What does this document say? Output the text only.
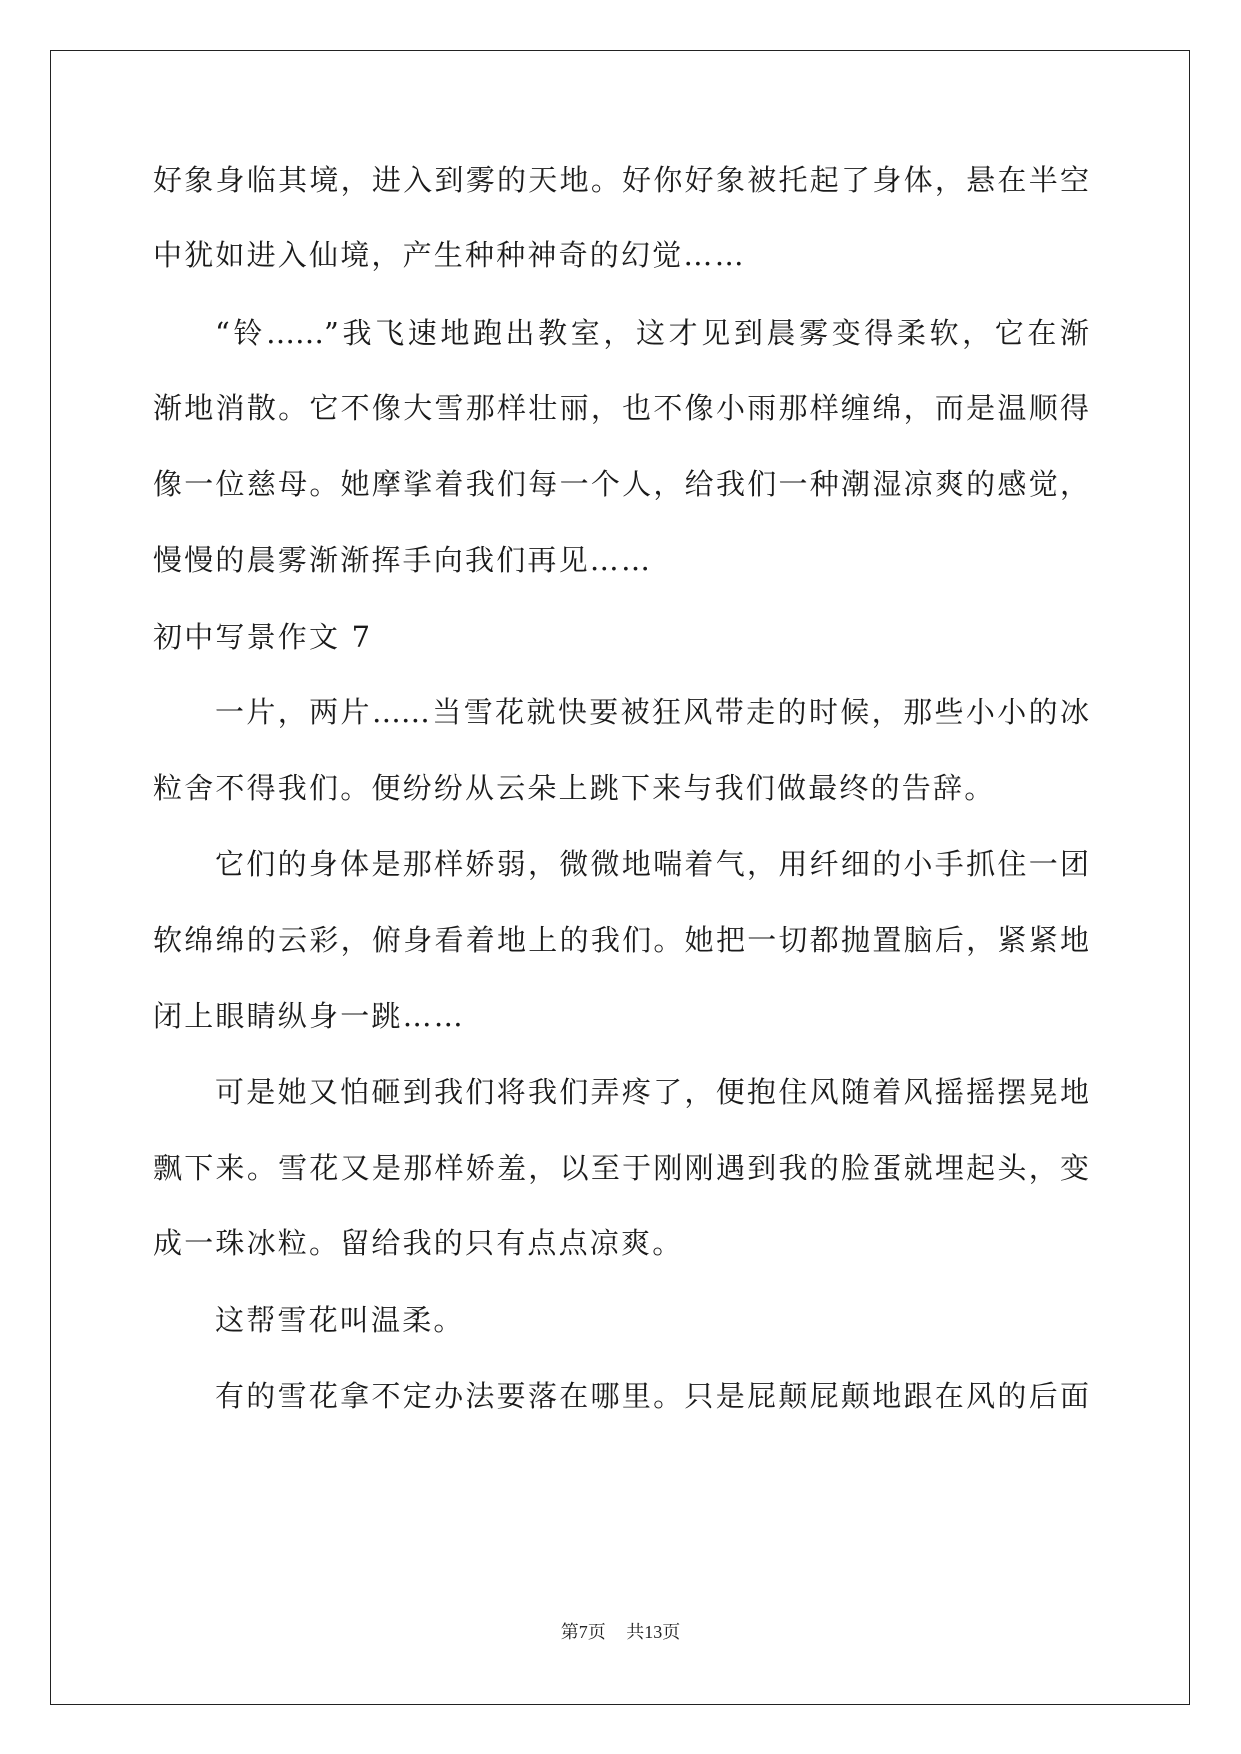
好象身临其境，进入到雾的天地。好你好象被托起了身体，悬在半空
中犹如进入仙境，产生种种神奇的幻觉……
“铃……”我飞速地跑出教室，这才见到晨雾变得柔软，它在渐
渐地消散。它不像大雪那样壮丽，也不像小雨那样缠绵，而是温顺得
像一位慈母。她摩挲着我们每一个人，给我们一种潮湿凉爽的感觉，
慢慢的晨雾渐渐挥手向我们再见……
初中写景作文 7
一片，两片……当雪花就快要被狂风带走的时候，那些小小的冰
粒舍不得我们。便纷纷从云朵上跳下来与我们做最终的告辞。
它们的身体是那样娇弱，微微地喘着气，用纤细的小手抓住一团
软绵绵的云彩，俯身看着地上的我们。她把一切都抛置脑后，紧紧地
闭上眼睛纵身一跳……
可是她又怕砸到我们将我们弄疼了，便抱住风随着风摇摇摆晃地
飘下来。雪花又是那样娇羞，以至于刚刚遇到我的脸蛋就埋起头，变
成一珠冰粒。留给我的只有点点凉爽。
这帮雪花叫温柔。
有的雪花拿不定办法要落在哪里。只是屁颠屁颠地跟在风的后面
第7页 共13页
